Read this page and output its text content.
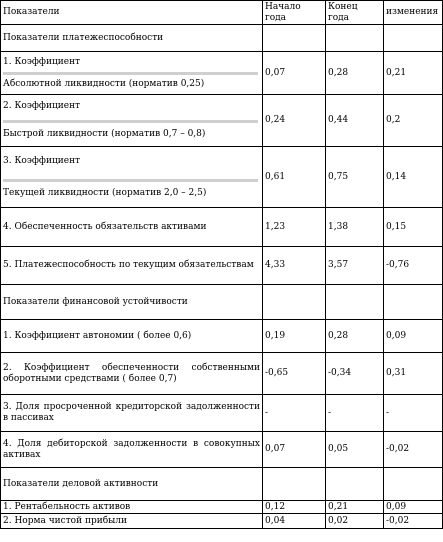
Показатели	Начало года	Конец года	изменения
Показатели платежеспособности			

1. Коэффициент
Абсолютной ликвидности (норматив 0,25)	0,07	0,28	0,21

2. Коэффициент
Быстрой ликвидности (норматив 0,7 – 0,8)	0,24	0,44	0,2

3. Коэффициент
Текущей ликвидности (норматив 2,0 – 2,5)	0,61	0,75	0,14
4. Обеспеченность обязательств активами	1,23	1,38	0,15
5. Платежеспособность по текущим обязательствам	4,33	3,57	-0,76
Показатели финансовой устойчивости			
1. Коэффициент автономии ( более 0,6)	0,19	0,28	0,09
2. Коэффициент обеспеченности собственными оборотными средствами ( более 0,7)	-0,65	-0,34	0,31
3. Доля просроченной кредиторской задолженности в пассивах	-	-	-
4. Доля дебиторской задолженности в совокупных активах	0,07	0,05	-0,02
Показатели деловой активности			
1. Рентабельность активов	0,12	0,21	0,09
2. Норма чистой прибыли	0,04	0,02	-0,02
